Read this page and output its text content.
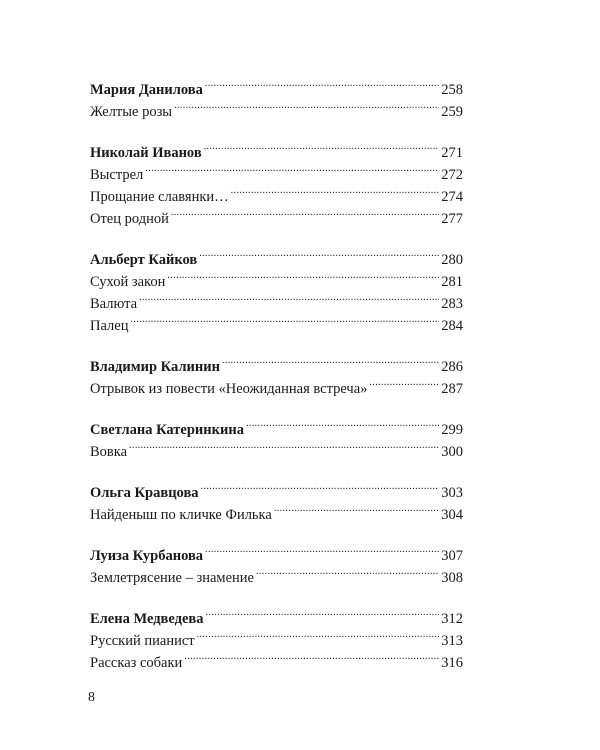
Мария Данилова .....	258
Желтые розы .....	259
Николай Иванов .....	271
Выстрел .....	272
Прощание славянки… .....	274
Отец родной .....	277
Альберт Кайков .....	280
Сухой закон .....	281
Валюта .....	283
Палец .....	284
Владимир Калинин .....	286
Отрывок из повести «Неожиданная встреча» .....	287
Светлана Катеринкина .....	299
Вовка .....	300
Ольга Кравцова .....	303
Найденыш по кличке Филька .....	304
Луиза Курбанова .....	307
Землетрясение – знамение .....	308
Елена Медведева .....	312
Русский пианист .....	313
Рассказ собаки .....	316
8
